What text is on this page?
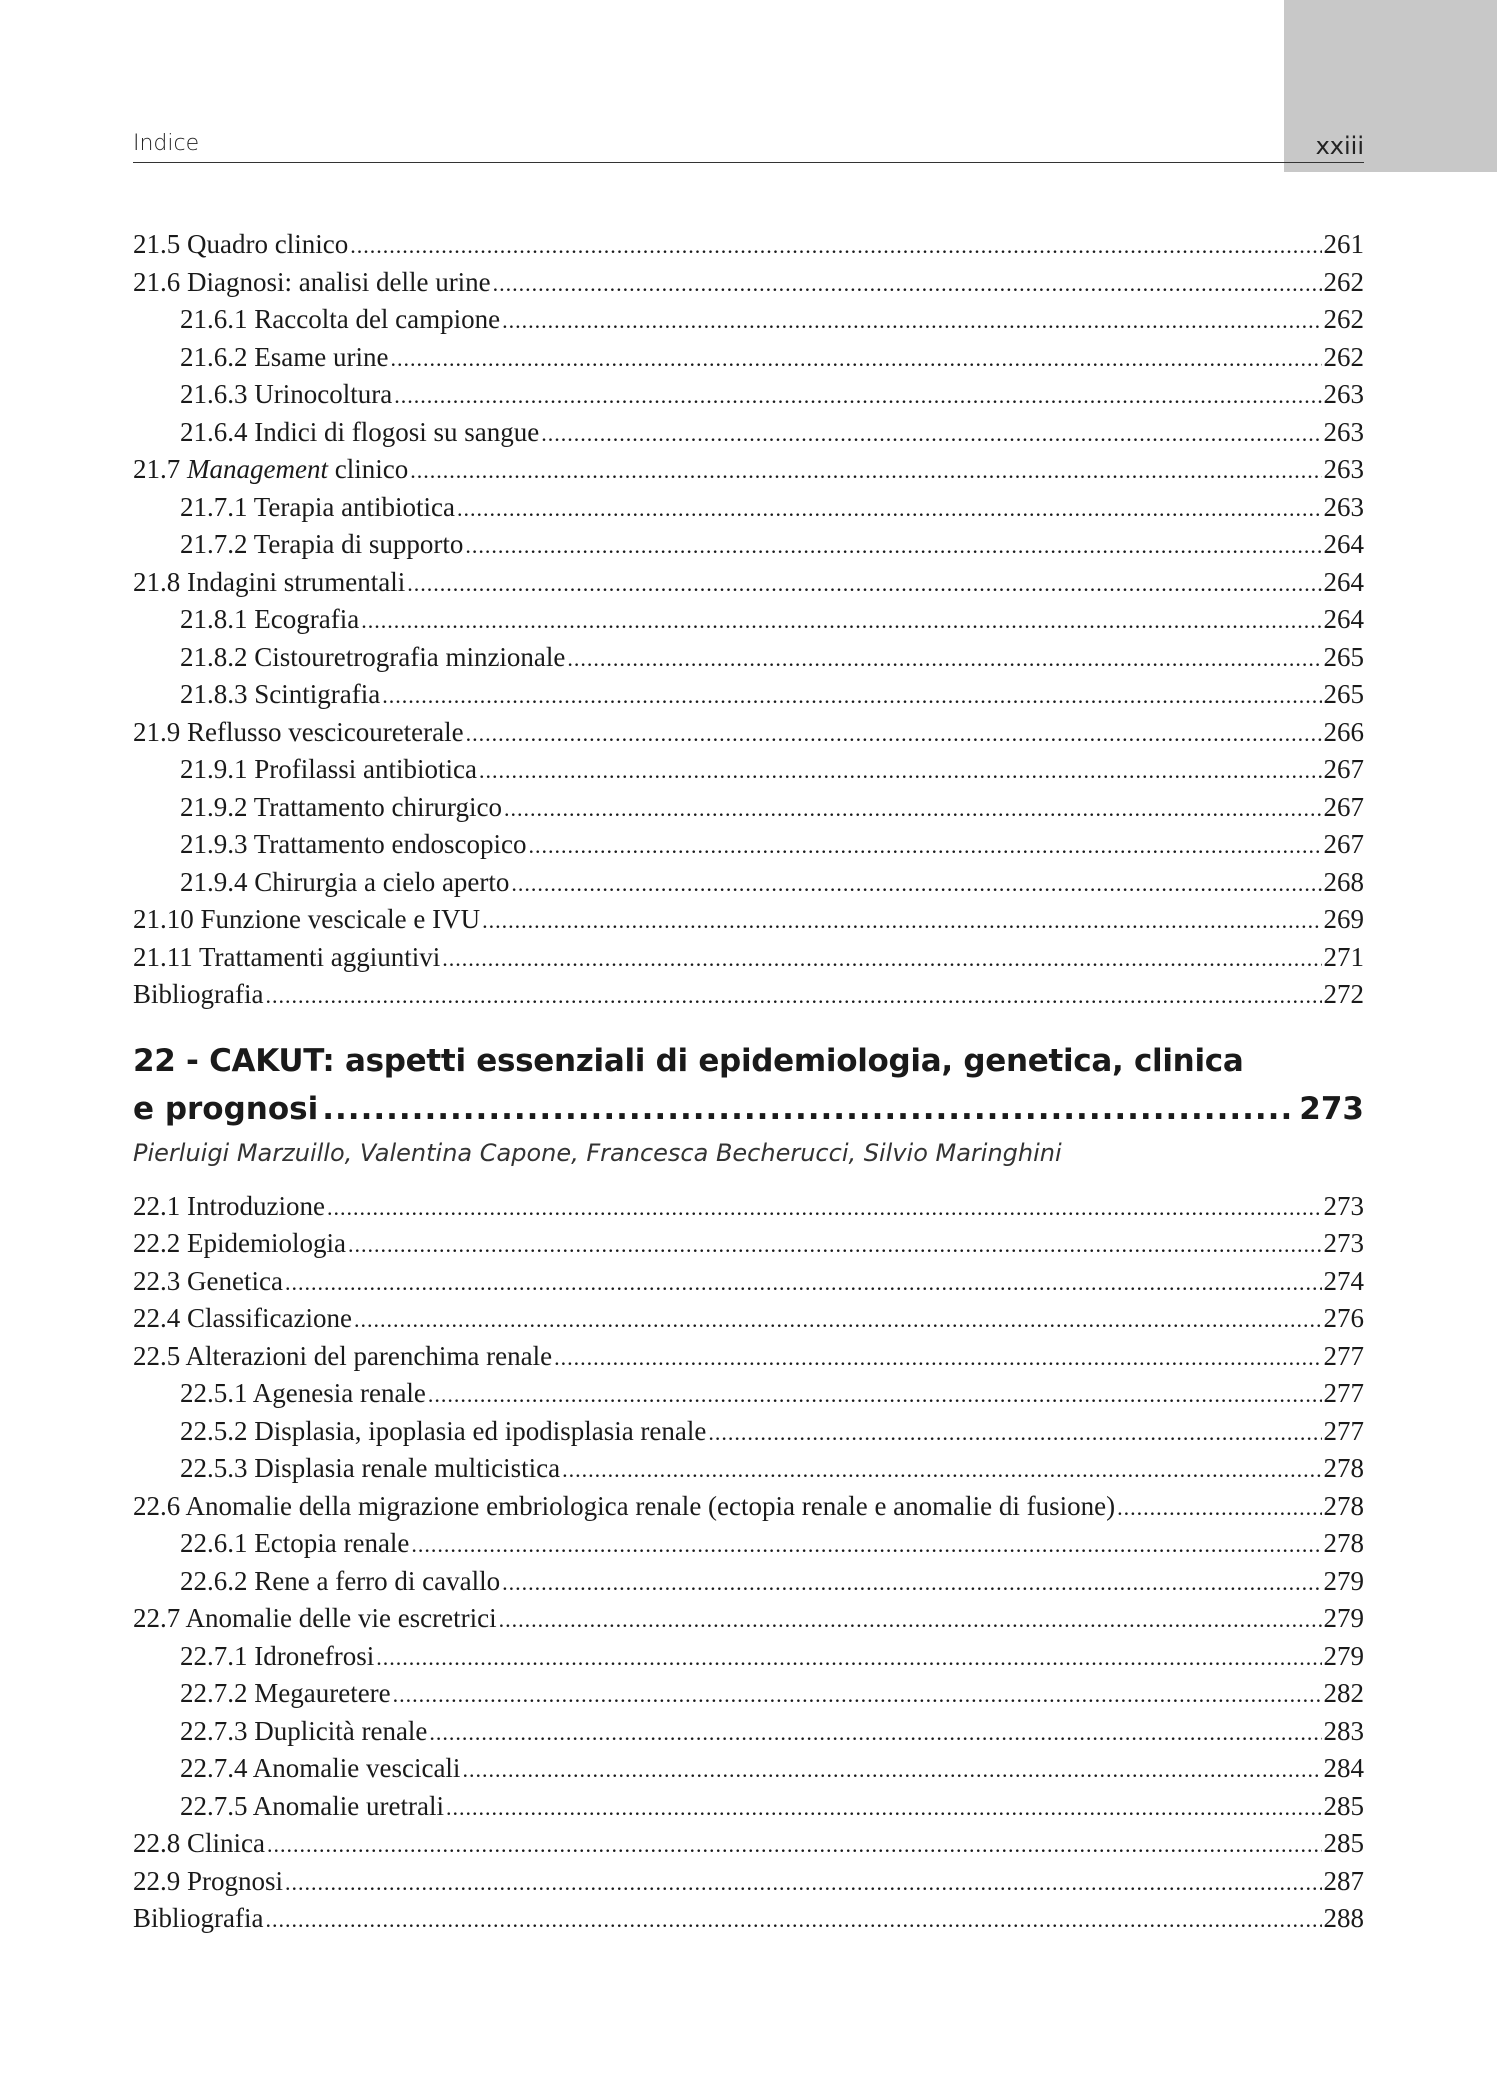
Indice	xxiii
21.5 Quadro clinico .....	261
21.6 Diagnosi: analisi delle urine .....	262
21.6.1 Raccolta del campione .....	262
21.6.2 Esame urine .....	262
21.6.3 Urinocoltura .....	263
21.6.4 Indici di flogosi su sangue .....	263
21.7 Management clinico .....	263
21.7.1 Terapia antibiotica .....	263
21.7.2 Terapia di supporto .....	264
21.8 Indagini strumentali .....	264
21.8.1 Ecografia .....	264
21.8.2 Cistouretrografia minzionale .....	265
21.8.3 Scintigrafia .....	265
21.9 Reflusso vescicoureterale .....	266
21.9.1 Profilassi antibiotica .....	267
21.9.2 Trattamento chirurgico .....	267
21.9.3 Trattamento endoscopico .....	267
21.9.4 Chirurgia a cielo aperto .....	268
21.10 Funzione vescicale e IVU .....	269
21.11 Trattamenti aggiuntivi .....	271
Bibliografia .....	272
22 - CAKUT: aspetti essenziali di epidemiologia, genetica, clinica
e prognosi .....	273
Pierluigi Marzuillo, Valentina Capone, Francesca Becherucci, Silvio Maringhini
22.1 Introduzione .....	273
22.2 Epidemiologia .....	273
22.3 Genetica .....	274
22.4 Classificazione .....	276
22.5 Alterazioni del parenchima renale .....	277
22.5.1 Agenesia renale .....	277
22.5.2 Displasia, ipoplasia ed ipodisplasia renale .....	277
22.5.3 Displasia renale multicistica .....	278
22.6 Anomalie della migrazione embriologica renale (ectopia renale e anomalie di fusione) .....	278
22.6.1 Ectopia renale .....	278
22.6.2 Rene a ferro di cavallo .....	279
22.7 Anomalie delle vie escretrici .....	279
22.7.1 Idronefrosi .....	279
22.7.2 Megauretere .....	282
22.7.3 Duplicità renale .....	283
22.7.4 Anomalie vescicali .....	284
22.7.5 Anomalie uretrali .....	285
22.8 Clinica .....	285
22.9 Prognosi .....	287
Bibliografia .....	288
